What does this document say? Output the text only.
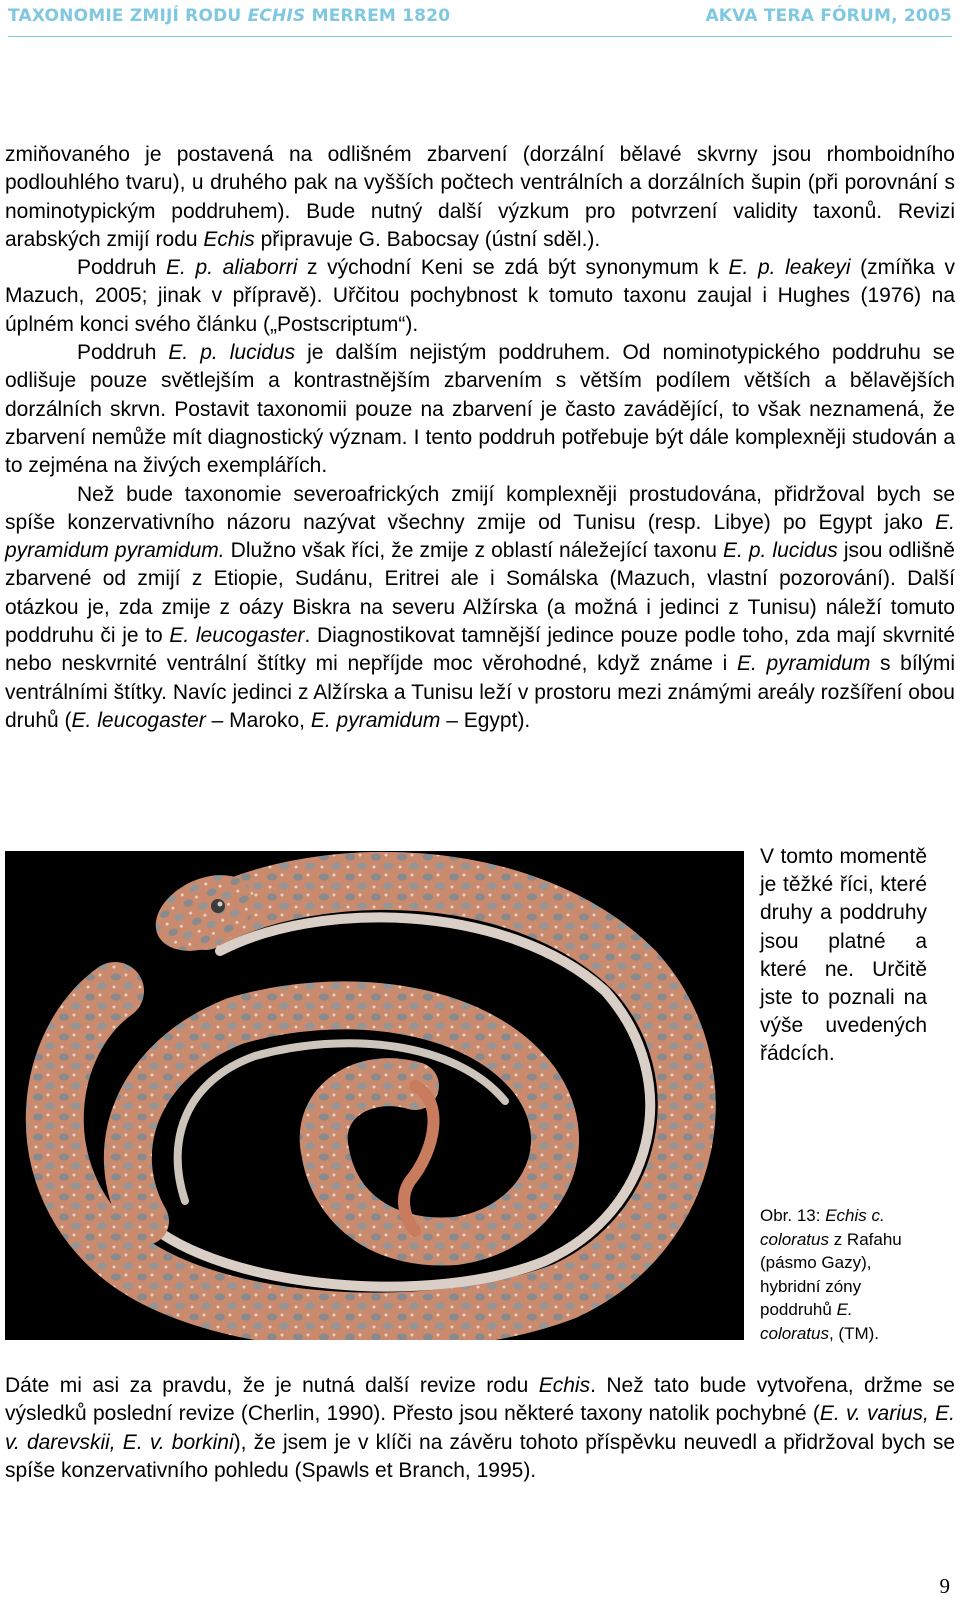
TAXONOMIE ZMIJÍ RODU ECHIS MERREM 1820	AKVA TERA FÓRUM, 2005

zmiňovaného je postavená na odlišném zbarvení (dorzální bělavé skvrny jsou rhomboidního podlouhlého tvaru), u druhého pak na vyšších počtech ventrálních a dorzálních šupin (při porovnání s nominotypickým poddruhem). Bude nutný další výzkum pro potvrzení validity taxonů. Revizi arabských zmijí rodu Echis připravuje G. Babocsay (ústní sděl.).

Poddruh E. p. aliaborri z východní Keni se zdá být synonymum k E. p. leakeyi (zmíňka v Mazuch, 2005; jinak v přípravě). Uřčitou pochybnost k tomuto taxonu zaujal i Hughes (1976) na úplném konci svého článku („Postscriptum“).

Poddruh E. p. lucidus je dalším nejistým poddruhem. Od nominotypického poddruhu se odlišuje pouze světlejším a kontrastnějším zbarvením s větším podílem větších a bělavějších dorzálních skrvn. Postavit taxonomii pouze na zbarvení je často zavádějící, to však neznamená, že zbarvení nemůže mít diagnostický význam. I tento poddruh potřebuje být dále komplexněji studován a to zejména na živých exemplářích.

Než bude taxonomie severoafrických zmijí komplexněji prostudována, přidržoval bych se spíše konzervativního názoru nazývat všechny zmije od Tunisu (resp. Libye) po Egypt jako E. pyramidum pyramidum. Dlužno však říci, že zmije z oblastí náležející taxonu E. p. lucidus jsou odlišně zbarvené od zmijí z Etiopie, Sudánu, Eritrei ale i Somálska (Mazuch, vlastní pozorování). Další otázkou je, zda zmije z oázy Biskra na severu Alžírska (a možná i jedinci z Tunisu) náleží tomuto poddruhu či je to E. leucogaster. Diagnostikovat tamnější jedince pouze podle toho, zda mají skvrnité nebo neskvrnité ventrální štítky mi nepříjde moc věrohodné, když známe i E. pyramidum s bílými ventrálními štítky. Navíc jedinci z Alžírska a Tunisu leží v prostoru mezi známými areály rozšíření obou druhů (E. leucogaster – Maroko, E. pyramidum – Egypt).

V tomto momentě je těžké říci, které druhy a poddruhy jsou platné a které ne. Určitě jste to poznali na výše uvedených řádcích.
Obr. 13: Echis c. coloratus z Rafahu (pásmo Gazy), hybridní zóny poddruhů E. coloratus, (TM).

Dáte mi asi za pravdu, že je nutná další revize rodu Echis. Než tato bude vytvořena, držme se výsledků poslední revize (Cherlin, 1990). Přesto jsou některé taxony natolik pochybné (E. v. varius, E. v. darevskii, E. v. borkini), že jsem je v klíči na závěru tohoto příspěvku neuvedl a přidržoval bych se spíše konzervativního pohledu (Spawls et Branch, 1995).

9
